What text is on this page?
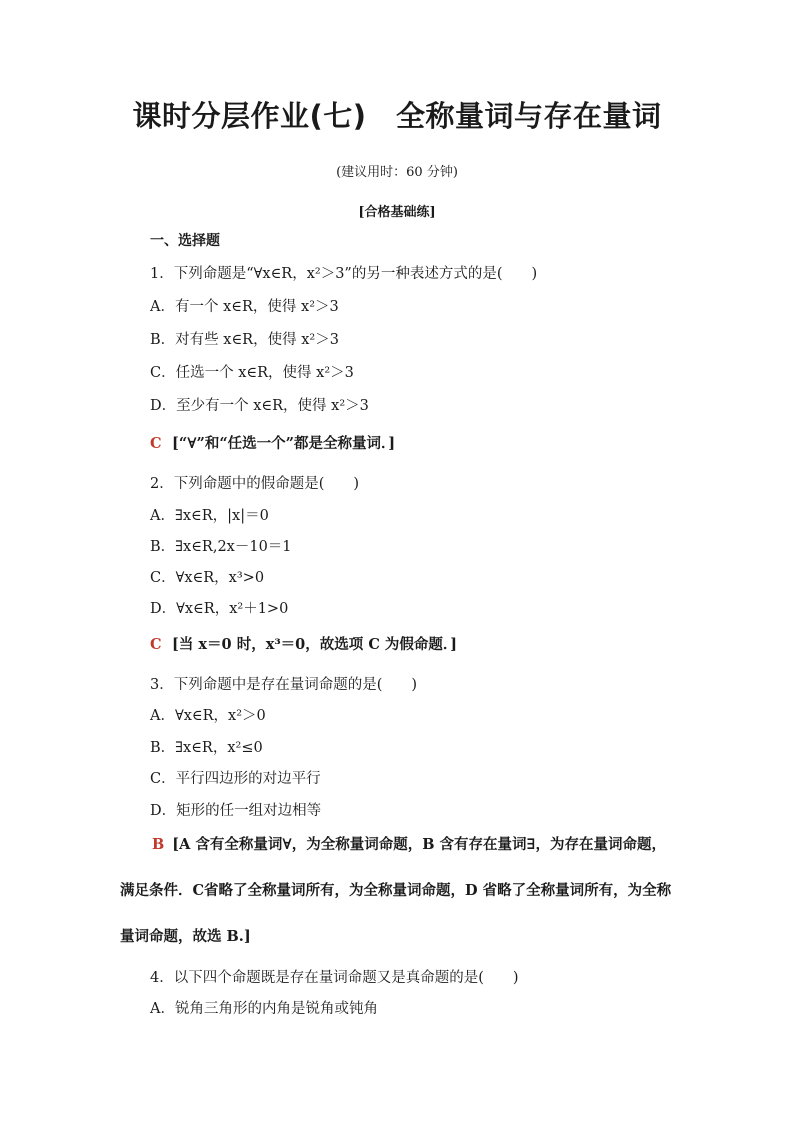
课时分层作业(七)　全称量词与存在量词
(建议用时：60 分钟)
[合格基础练]
一、选择题
1．下列命题是“∀x∈R，x²＞3”的另一种表述方式的是(　　)
A．有一个 x∈R，使得 x²＞3
B．对有些 x∈R，使得 x²＞3
C．任选一个 x∈R，使得 x²＞3
D．至少有一个 x∈R，使得 x²＞3
C [“∀”和“任选一个”都是全称量词．]
2．下列命题中的假命题是(　　)
A．∃x∈R，|x|＝0
B．∃x∈R,2x－10＝1
C．∀x∈R，x³>0
D．∀x∈R，x²＋1>0
C [当 x＝0 时，x³＝0，故选项 C 为假命题．]
3．下列命题中是存在量词命题的是(　　)
A．∀x∈R，x²＞0
B．∃x∈R，x²≤0
C．平行四边形的对边平行
D．矩形的任一组对边相等
B [A 含有全称量词∀，为全称量词命题，B 含有存在量词∃，为存在量词命题，满足条件．C省略了全称量词所有，为全称量词命题，D 省略了全称量词所有，为全称量词命题，故选 B.]
4．以下四个命题既是存在量词命题又是真命题的是(　　)
A．锐角三角形的内角是锐角或钝角
